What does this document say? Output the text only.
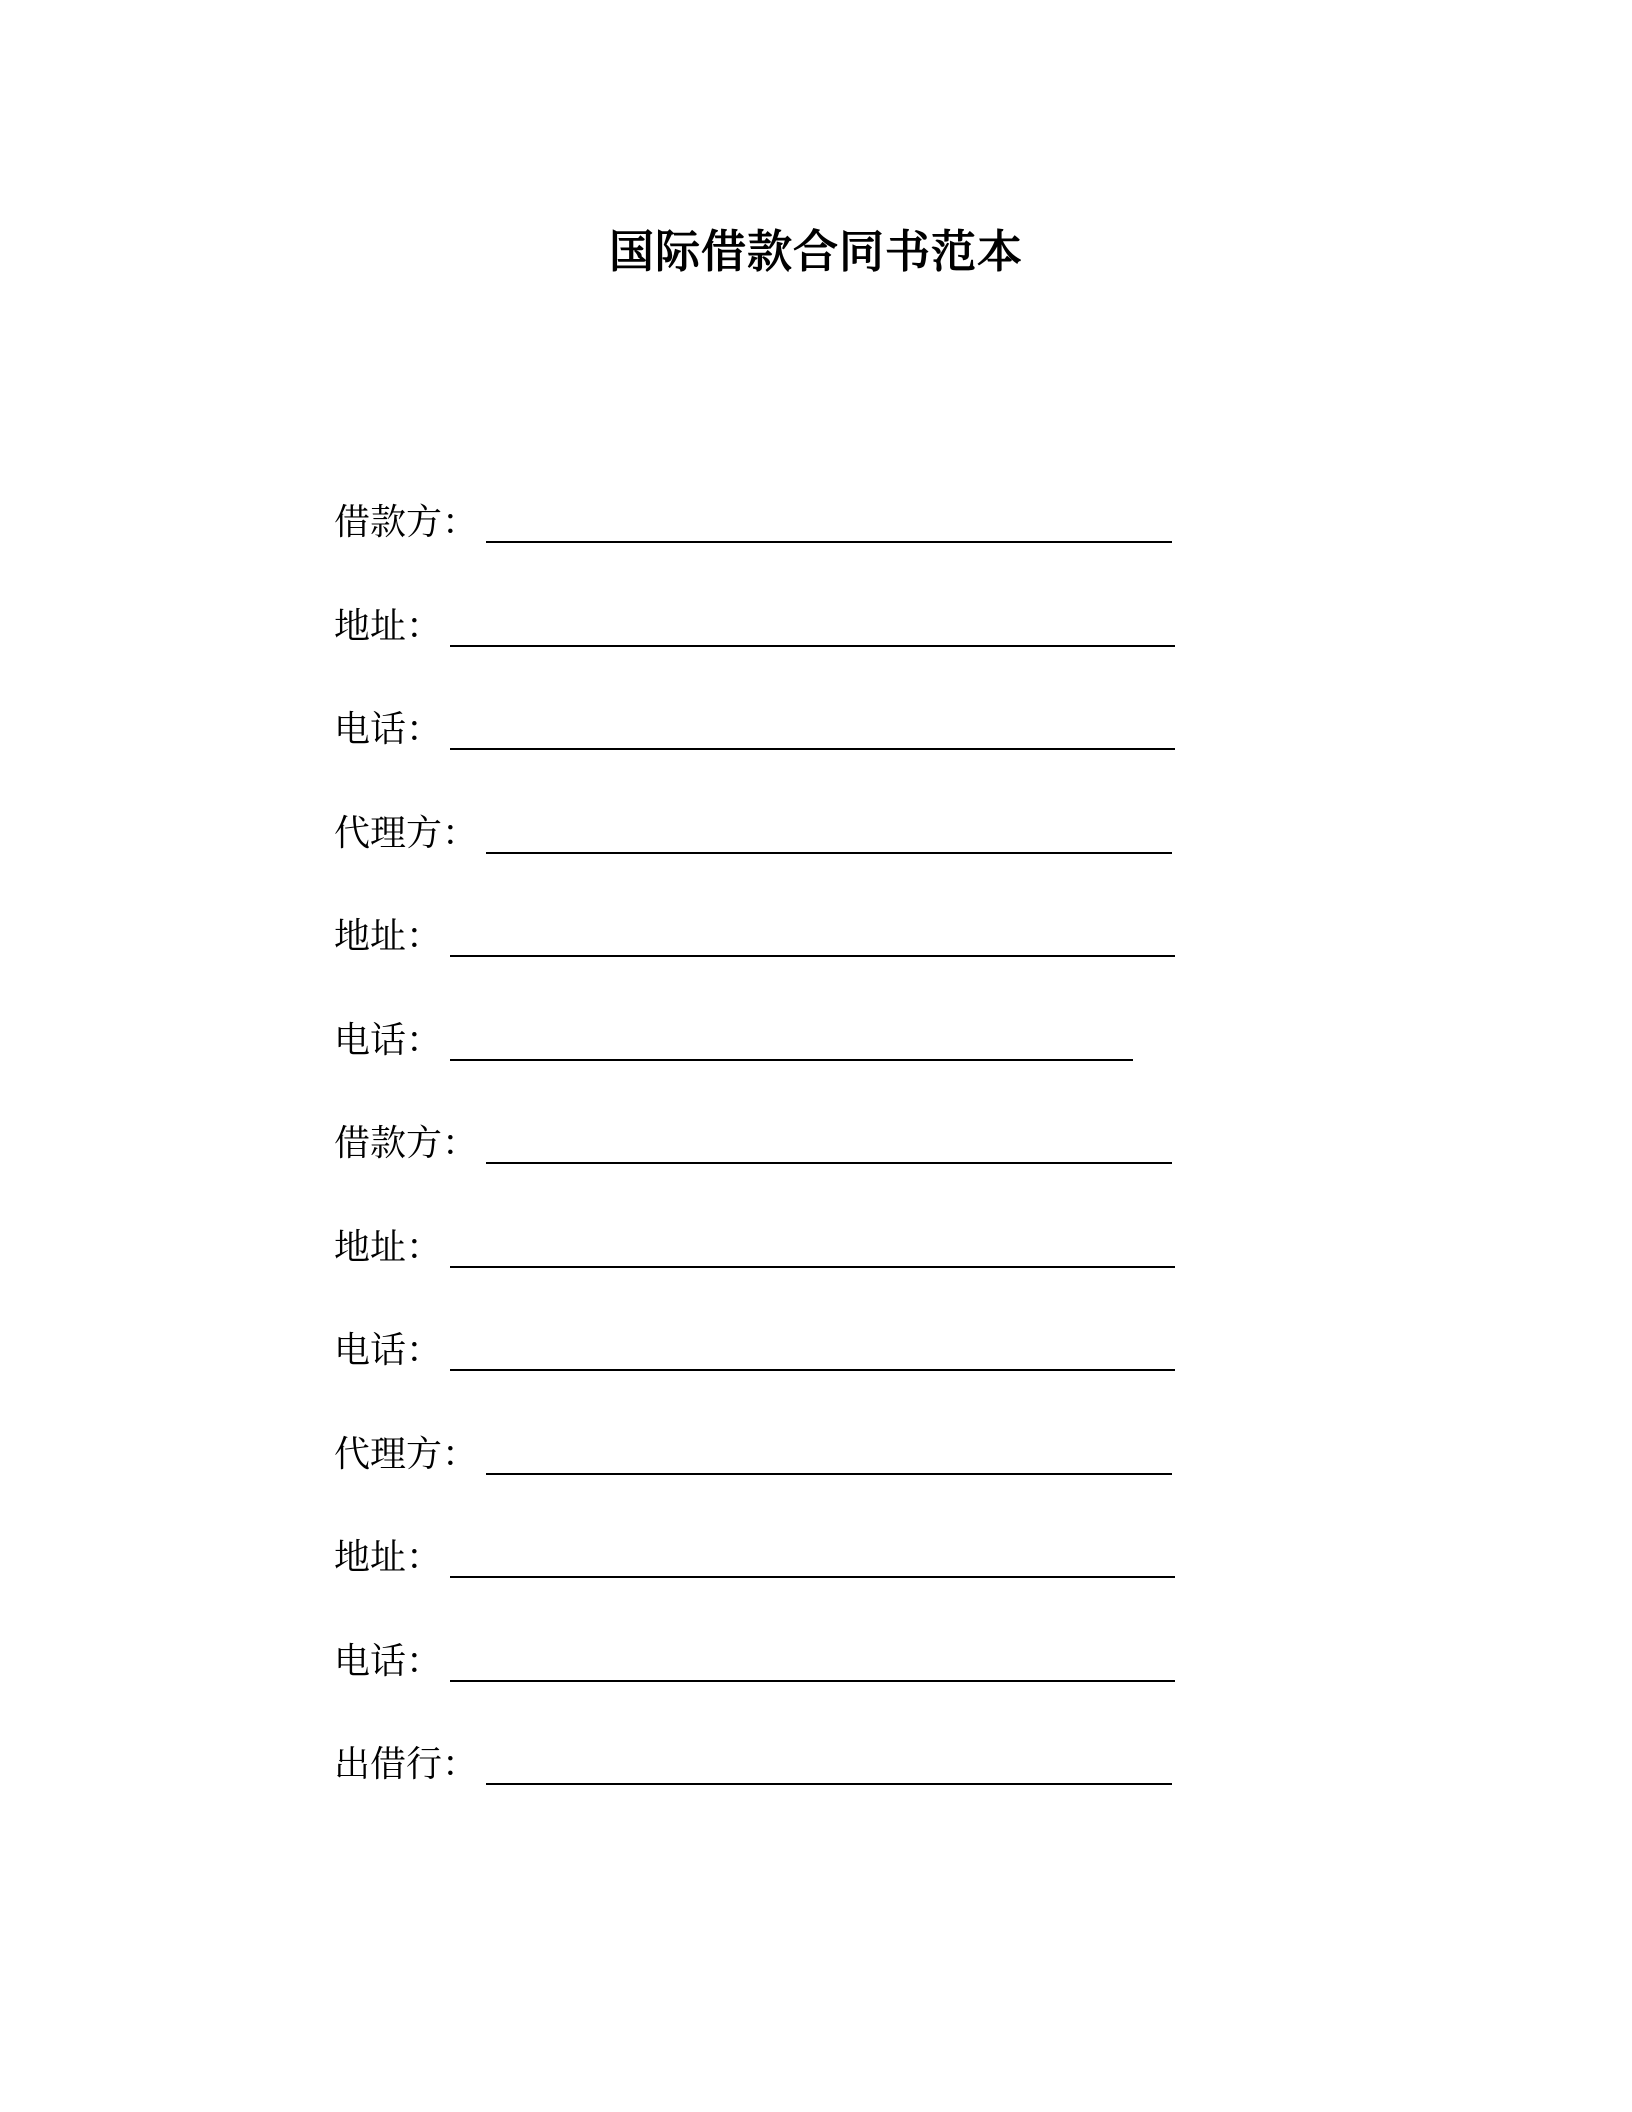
国际借款合同书范本
借款方：
地址：
电话：
代理方：
地址：
电话：
借款方：
地址：
电话：
代理方：
地址：
电话：
出借行：
